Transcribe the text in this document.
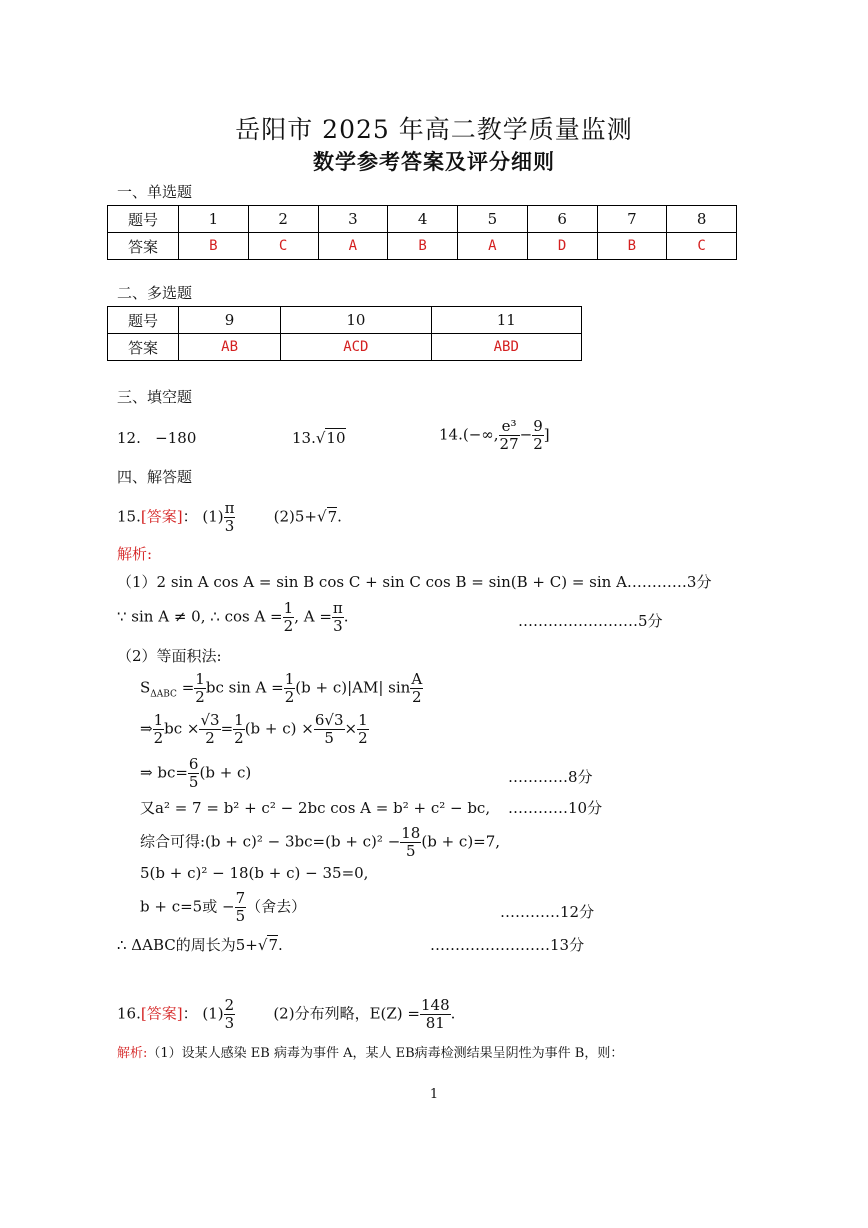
岳阳市 2025 年高二教学质量监测
数学参考答案及评分细则
一、单选题
题号	1	2	3	4	5	6	7	8
答案	B	C	A	B	A	D	B	C
二、多选题
题号	9	10	11
答案	AB	ACD	ABD
三、填空题
12. −180	13.√10	14.(−∞, $\frac{\text{e³}}{27} - \frac{9}{2}$ ]
四、解答题
15.[答案]： $(1) \frac{\pi}{3}$	(2)5+√7.
解析:
（1）2 sin A cos A = sin B cos C + sin C cos B = sin(B + C) = sin A…………3分
∵ sin A ≠ 0, ∴ $\cos A = \frac{1}{2}$ , $A = \frac{\pi}{3}$ .	……………………5分
（2）等面积法:
$S_{\Delta ABC} = \frac{1}{2}$ bc $\sin A = \frac{1}{2} (b + c)|AM|$ $\sin \frac{A}{2}$
⇒ $\frac{1}{2}$ bc × $\frac{√3}{2} = \frac{1}{2} (b + c) \times \frac{6√3}{5} \times \frac{1}{2}$
⇒ $bc= \frac{6}{5} (b + c)$	…………8分
又a² = 7 = b² + c² − 2bc cos A = b² + c² − bc, …………10分
综合可得:(b + $c)^2 - 3bc=(b + c)^2 - \frac{18}{5} (b + c)=7$,
5(b + c)² − 18(b + c) − 35=0,
b + c=5或 − $\frac{7}{5}$ （舍去）	…………12分
∴ ΔABC的周长为5+√7.	……………………13分
16.[答案]： $(1) \frac{2}{3}$	(2)分布列略，$E(Z) = \frac{148}{81}$ .
解析:（1）设某人感染 EB 病毒为事件 A，某人 EB病毒检测结果呈阴性为事件 B，则：
1
